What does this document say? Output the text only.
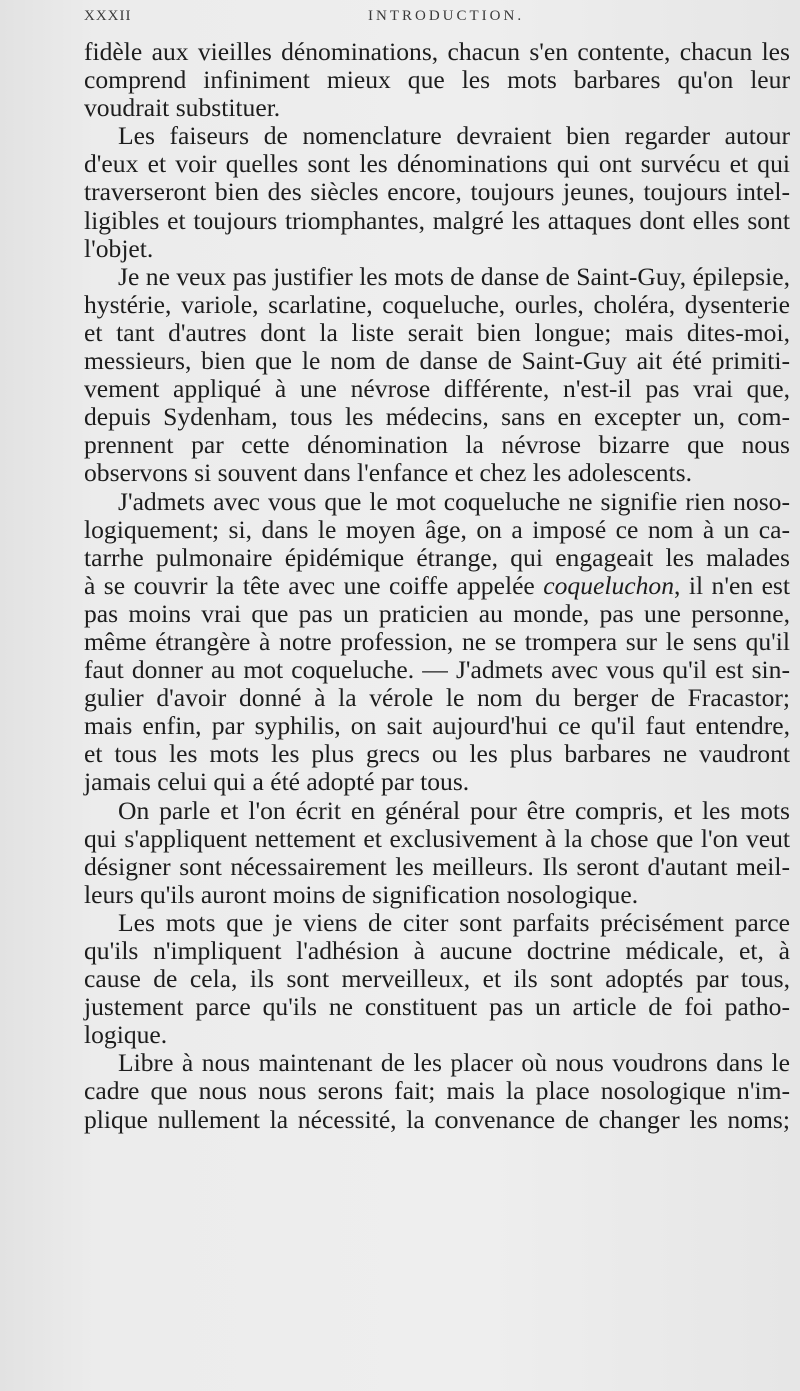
XXXII	INTRODUCTION.
fidèle aux vieilles dénominations, chacun s'en contente, chacun les
comprend infiniment mieux que les mots barbares qu'on leur
voudrait substituer.
Les faiseurs de nomenclature devraient bien regarder autour
d'eux et voir quelles sont les dénominations qui ont survécu et qui
traverseront bien des siècles encore, toujours jeunes, toujours intel-
ligibles et toujours triomphantes, malgré les attaques dont elles sont
l'objet.
Je ne veux pas justifier les mots de danse de Saint-Guy, épilepsie,
hystérie, variole, scarlatine, coqueluche, ourles, choléra, dysenterie
et tant d'autres dont la liste serait bien longue; mais dites-moi,
messieurs, bien que le nom de danse de Saint-Guy ait été primiti-
vement appliqué à une névrose différente, n'est-il pas vrai que,
depuis Sydenham, tous les médecins, sans en excepter un, com-
prennent par cette dénomination la névrose bizarre que nous
observons si souvent dans l'enfance et chez les adolescents.
J'admets avec vous que le mot coqueluche ne signifie rien noso-
logiquement; si, dans le moyen âge, on a imposé ce nom à un ca-
tarrhe pulmonaire épidémique étrange, qui engageait les malades
à se couvrir la tête avec une coiffe appelée coqueluchon, il n'en est
pas moins vrai que pas un praticien au monde, pas une personne,
même étrangère à notre profession, ne se trompera sur le sens qu'il
faut donner au mot coqueluche. — J'admets avec vous qu'il est sin-
gulier d'avoir donné à la vérole le nom du berger de Fracastor;
mais enfin, par syphilis, on sait aujourd'hui ce qu'il faut entendre,
et tous les mots les plus grecs ou les plus barbares ne vaudront
jamais celui qui a été adopté par tous.
On parle et l'on écrit en général pour être compris, et les mots
qui s'appliquent nettement et exclusivement à la chose que l'on veut
désigner sont nécessairement les meilleurs. Ils seront d'autant meil-
leurs qu'ils auront moins de signification nosologique.
Les mots que je viens de citer sont parfaits précisément parce
qu'ils n'impliquent l'adhésion à aucune doctrine médicale, et, à
cause de cela, ils sont merveilleux, et ils sont adoptés par tous,
justement parce qu'ils ne constituent pas un article de foi patho-
logique.
Libre à nous maintenant de les placer où nous voudrons dans le
cadre que nous nous serons fait; mais la place nosologique n'im-
plique nullement la nécessité, la convenance de changer les noms;
